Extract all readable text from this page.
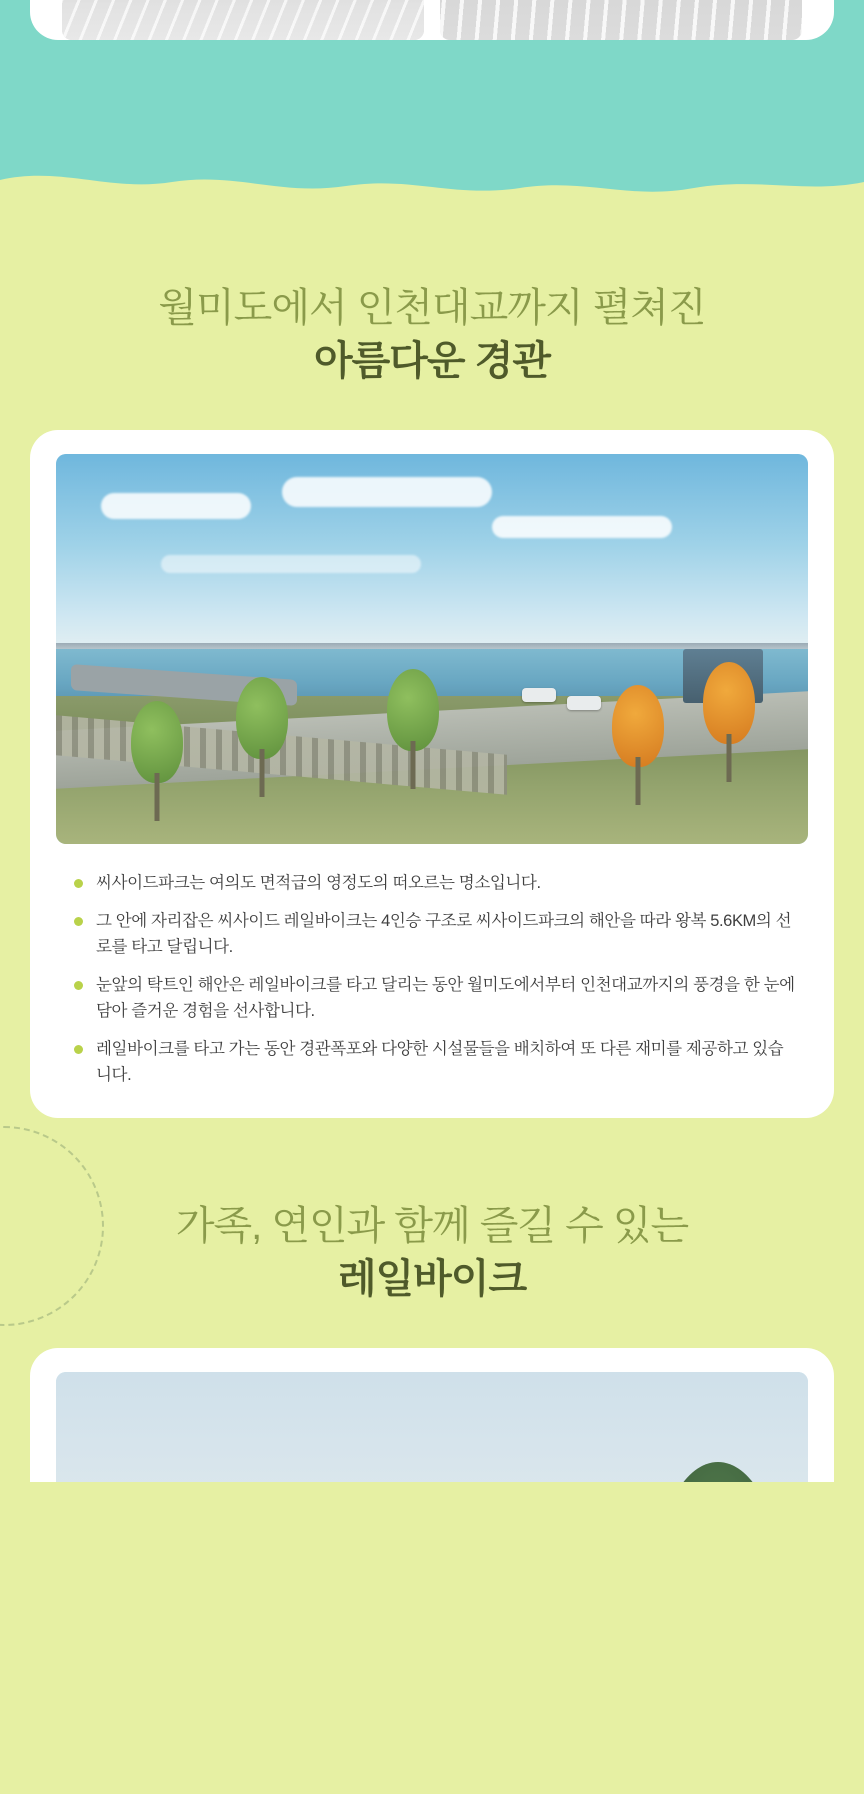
월미도에서 인천대교까지 펼쳐진
아름다운 경관
씨사이드파크는 여의도 면적급의 영정도의 떠오르는 명소입니다.
그 안에 자리잡은 씨사이드 레일바이크는 4인승 구조로 씨사이드파크의 해안을 따라 왕복 5.6KM의 선로를 타고 달립니다.
눈앞의 탁트인 해안은 레일바이크를 타고 달리는 동안 월미도에서부터 인천대교까지의 풍경을 한 눈에 담아 즐거운 경험을 선사합니다.
레일바이크를 타고 가는 동안 경관폭포와 다양한 시설물들을 배치하여 또 다른 재미를 제공하고 있습니다.
가족, 연인과 함께 즐길 수 있는
레일바이크
